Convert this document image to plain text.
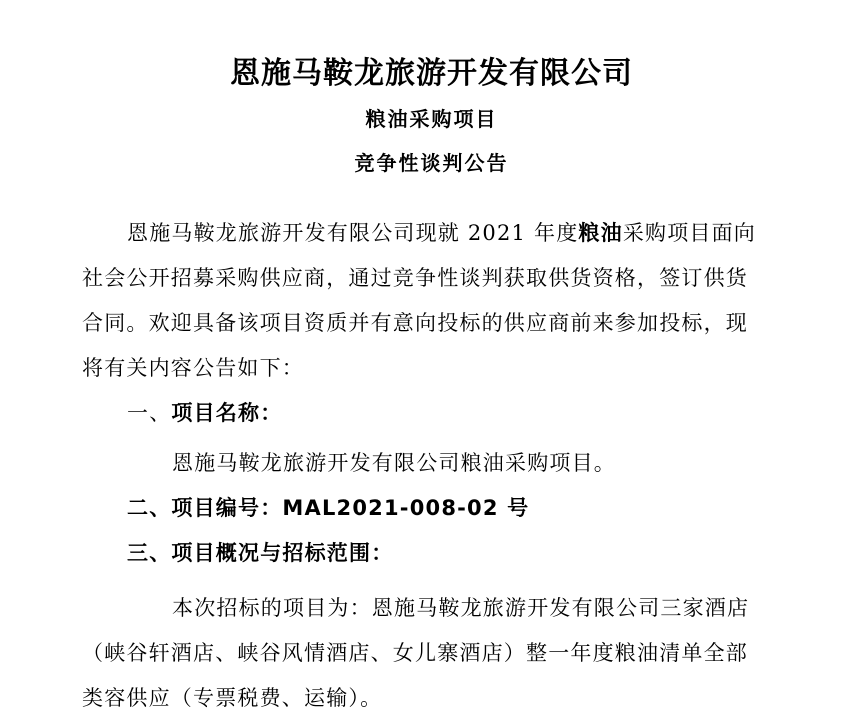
恩施马鞍龙旅游开发有限公司
粮油采购项目
竞争性谈判公告
恩施马鞍龙旅游开发有限公司现就 2021 年度粮油采购项目面向
社会公开招募采购供应商，通过竞争性谈判获取供货资格，签订供货
合同。欢迎具备该项目资质并有意向投标的供应商前来参加投标，现
将有关内容公告如下：
一、项目名称：
恩施马鞍龙旅游开发有限公司粮油采购项目。
二、项目编号：MAL2021-008-02 号
三、项目概况与招标范围：
本次招标的项目为：恩施马鞍龙旅游开发有限公司三家酒店
（峡谷轩酒店、峡谷风情酒店、女儿寨酒店）整一年度粮油清单全部
类容供应（专票税费、运输）。
